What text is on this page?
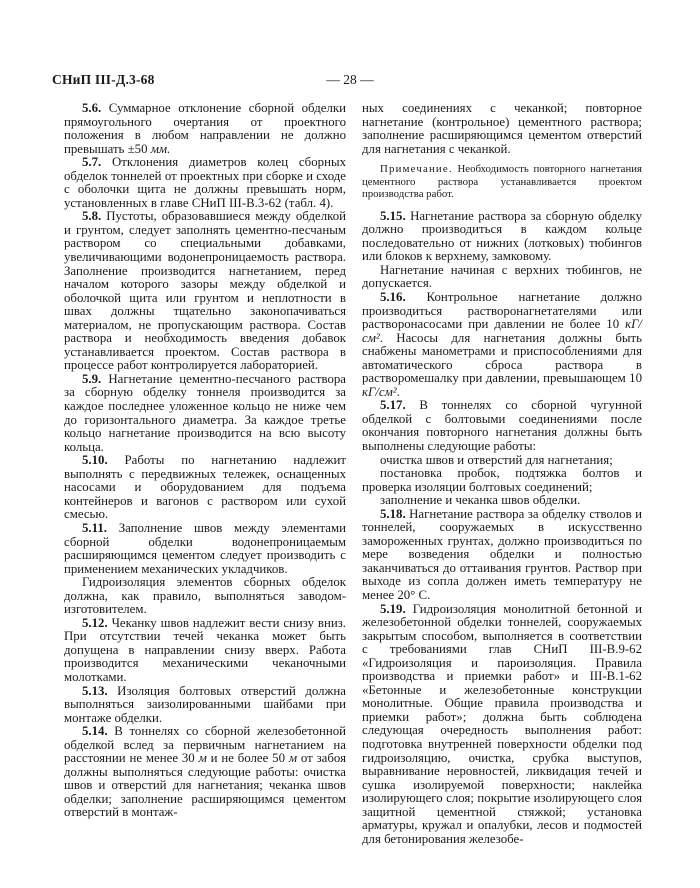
СНиП III-Д.3-68	— 28 —

5.6. Суммарное отклонение сборной обделки прямоугольного очертания от проектного положения в любом направлении не должно превышать ±50 мм.

5.7. Отклонения диаметров колец сборных обделок тоннелей от проектных при сборке и сходе с оболочки щита не должны превышать норм, установленных в главе СНиП III-В.3-62 (табл. 4).

5.8. Пустоты, образовавшиеся между обделкой и грунтом, следует заполнять цементно-песчаным раствором со специальными добавками, увеличивающими водонепроницаемость раствора. Заполнение производится нагнетанием, перед началом которого зазоры между обделкой и оболочкой щита или грунтом и неплотности в швах должны тщательно законопачиваться материалом, не пропускающим раствора. Состав раствора и необходимость введения добавок устанавливается проектом. Состав раствора в процессе работ контролируется лабораторией.

5.9. Нагнетание цементно-песчаного раствора за сборную обделку тоннеля производится за каждое последнее уложенное кольцо не ниже чем до горизонтального диаметра. За каждое третье кольцо нагнетание производится на всю высоту кольца.

5.10. Работы по нагнетанию надлежит выполнять с передвижных тележек, оснащенных насосами и оборудованием для подъема контейнеров и вагонов с раствором или сухой смесью.

5.11. Заполнение швов между элементами сборной обделки водонепроницаемым расширяющимся цементом следует производить с применением механических укладчиков.

Гидроизоляция элементов сборных обделок должна, как правило, выполняться заводом-изготовителем.

5.12. Чеканку швов надлежит вести снизу вниз. При отсутствии течей чеканка может быть допущена в направлении снизу вверх. Работа производится механическими чеканочными молотками.

5.13. Изоляция болтовых отверстий должна выполняться заизолированными шайбами при монтаже обделки.

5.14. В тоннелях со сборной железобетонной обделкой вслед за первичным нагнетанием на расстоянии не менее 30 м и не более 50 м от забоя должны выполняться следующие работы: очистка швов и отверстий для нагнетания; чеканка швов обделки; заполнение расширяющимся цементом отверстий в монтаж-

ных соединениях с чеканкой; повторное нагнетание (контрольное) цементного раствора; заполнение расширяющимся цементом отверстий для нагнетания с чеканкой.

Примечание. Необходимость повторного нагнетания цементного раствора устанавливается проектом производства работ.

5.15. Нагнетание раствора за сборную обделку должно производиться в каждом кольце последовательно от нижних (лотковых) тюбингов или блоков к верхнему, замковому.

Нагнетание начиная с верхних тюбингов, не допускается.

5.16. Контрольное нагнетание должно производиться растворонагнетателями или растворонасосами при давлении не более 10 кГ/см². Насосы для нагнетания должны быть снабжены манометрами и приспособлениями для автоматического сброса раствора в растворомешалку при давлении, превышающем 10 кГ/см².

5.17. В тоннелях со сборной чугунной обделкой с болтовыми соединениями после окончания повторного нагнетания должны быть выполнены следующие работы:

очистка швов и отверстий для нагнетания;

постановка пробок, подтяжка болтов и проверка изоляции болтовых соединений;

заполнение и чеканка швов обделки.

5.18. Нагнетание раствора за обделку стволов и тоннелей, сооружаемых в искусственно замороженных грунтах, должно производиться по мере возведения обделки и полностью заканчиваться до оттаивания грунтов. Раствор при выходе из сопла должен иметь температуру не менее 20° С.

5.19. Гидроизоляция монолитной бетонной и железобетонной обделки тоннелей, сооружаемых закрытым способом, выполняется в соответствии с требованиями глав СНиП III-В.9-62 «Гидроизоляция и пароизоляция. Правила производства и приемки работ» и III-В.1-62 «Бетонные и железобетонные конструкции монолитные. Общие правила производства и приемки работ»; должна быть соблюдена следующая очередность выполнения работ: подготовка внутренней поверхности обделки под гидроизоляцию, очистка, срубка выступов, выравнивание неровностей, ликвидация течей и сушка изолируемой поверхности; наклейка изолирующего слоя; покрытие изолирующего слоя защитной цементной стяжкой; установка арматуры, кружал и опалубки, лесов и подмостей для бетонирования железобе-
